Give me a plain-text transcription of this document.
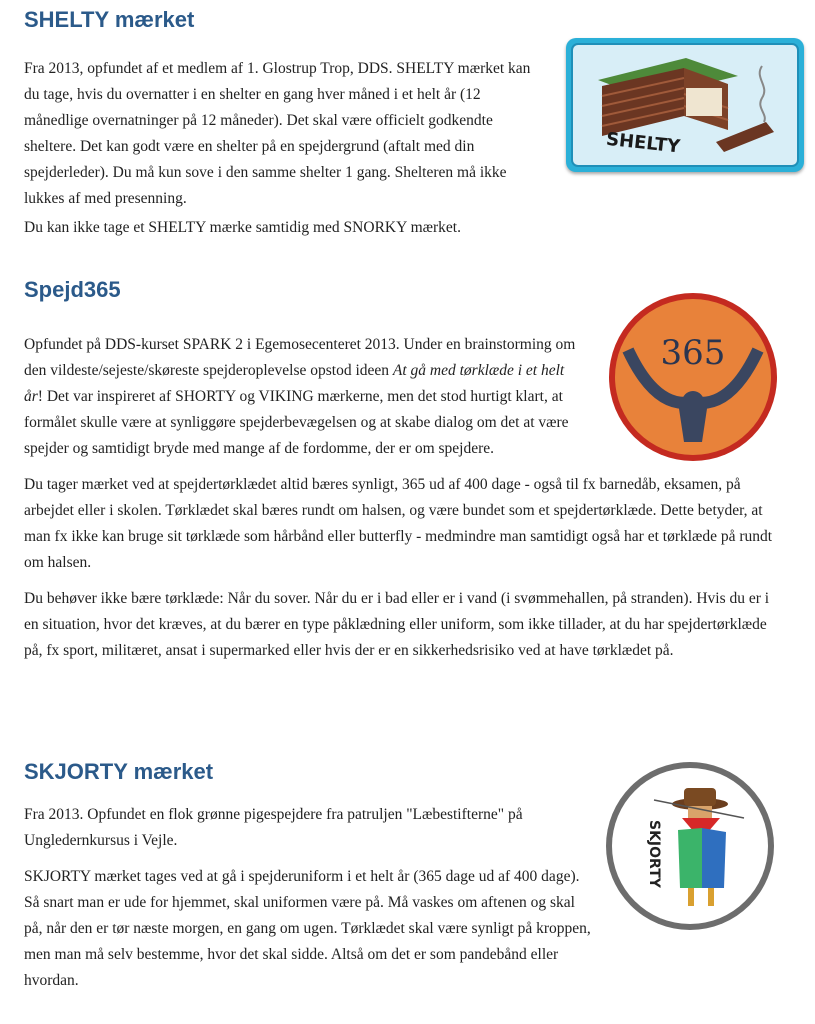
SHELTY mærket

Fra 2013, opfundet af et medlem af 1. Glostrup Trop, DDS. SHELTY mærket kan du tage, hvis du overnatter i en shelter en gang hver måned i et helt år (12 månedlige overnatninger på 12 måneder). Det skal være officielt godkendte sheltere. Det kan godt være en shelter på en spejdergrund (aftalt med din spejderleder). Du må kun sove i den samme shelter 1 gang. Shelteren må ikke lukkes af med presenning.

Du kan ikke tage et SHELTY mærke samtidig med SNORKY mærket.

SHELTY
Spejd365

Opfundet på DDS-kurset SPARK 2 i Egemosecenteret 2013. Under en brainstorming om den vildeste/sejeste/skøreste spejderoplevelse opstod ideen At gå med tørklæde i et helt år! Det var inspireret af SHORTY og VIKING mærkerne, men det stod hurtigt klart, at formålet skulle være at synliggøre spejderbevægelsen og at skabe dialog om det at være spejder og samtidigt bryde med mange af de fordomme, der er om spejdere.

Du tager mærket ved at spejdertørklædet altid bæres synligt, 365 ud af 400 dage - også til fx barnedåb, eksamen, på arbejdet eller i skolen. Tørklædet skal bæres rundt om halsen, og være bundet som et spejdertørklæde. Dette betyder, at man fx ikke kan bruge sit tørklæde som hårbånd eller butterfly - medmindre man samtidigt også har et tørklæde på rundt om halsen.

Du behøver ikke bære tørklæde: Når du sover. Når du er i bad eller er i vand (i svømmehallen, på stranden). Hvis du er i en situation, hvor det kræves, at du bærer en type påklædning eller uniform, som ikke tillader, at du har spejdertørklæde på, fx sport, militæret, ansat i supermarked eller hvis der er en sikkerhedsrisiko ved at have tørklædet på.

365
SKJORTY mærket

Fra 2013. Opfundet en flok grønne pigespejdere fra patruljen "Læbestifterne" på Ungledernkursus i Vejle.

SKJORTY mærket tages ved at gå i spejderuniform i et helt år (365 dage ud af 400 dage). Så snart man er ude for hjemmet, skal uniformen være på. Må vaskes om aftenen og skal på, når den er tør næste morgen, en gang om ugen. Tørklædet skal være synligt på kroppen, men man må selv bestemme, hvor det skal sidde. Altså om det er som pandebånd eller hvordan.

SKJORTY
